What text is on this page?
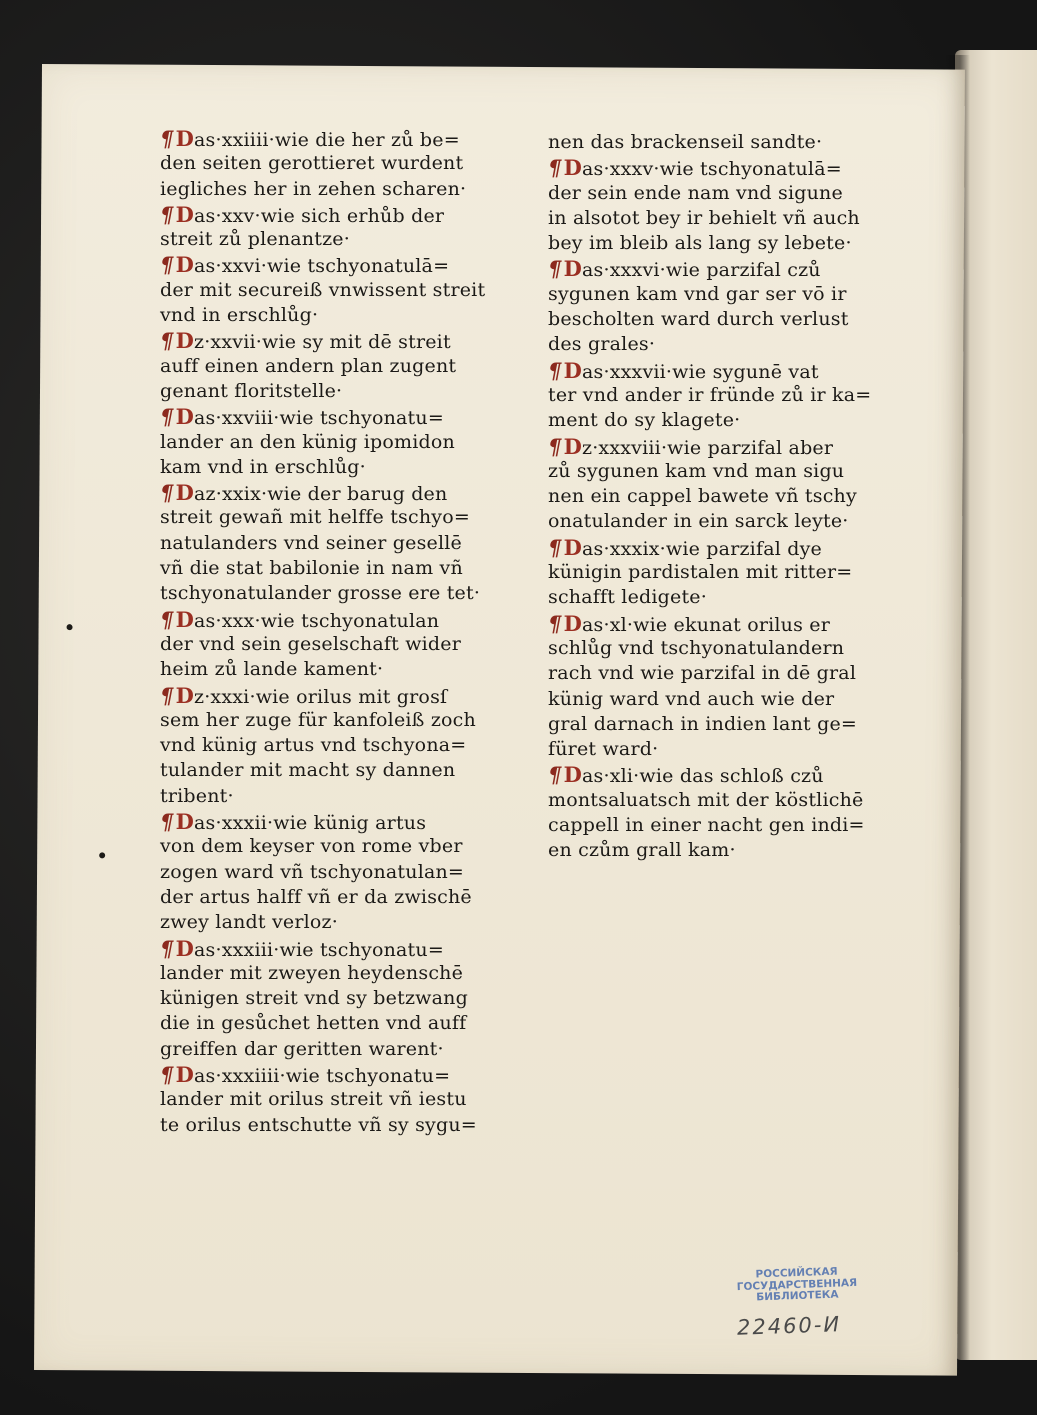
¶Das·xxiiii·wie die her zů be=
den seiten gerottieret wurdent
iegliches her in zehen scharen·
¶Das·xxv·wie sich erhůb der
streit zů plenantze·
¶Das·xxvi·wie tschyonatulā=
der mit secureiß vnwissent streit
vnd in erschlůg·
¶Dz·xxvii·wie sy mit dē streit
auff einen andern plan zugent
genant floritstelle·
¶Das·xxviii·wie tschyonatu=
lander an den künig ipomidon
kam vnd in erschlůg·
¶Daz·xxix·wie der barug den
streit gewañ mit helffe tschyo=
natulanders vnd seiner gesellē
vñ die stat babilonie in nam vñ
tschyonatulander grosse ere tet·
¶Das·xxx·wie tschyonatulan
der vnd sein geselschaft wider
heim zů lande kament·
¶Dz·xxxi·wie orilus mit grosſ
sem her zuge für kanfoleiß zoch
vnd künig artus vnd tschyona=
tulander mit macht sy dannen
tribent·
¶Das·xxxii·wie künig artus
von dem keyser von rome vber
zogen ward vñ tschyonatulan=
der artus halff vñ er da zwischē
zwey landt verloz·
¶Das·xxxiii·wie tschyonatu=
lander mit zweyen heydenschē
künigen streit vnd sy betzwang
die in gesůchet hetten vnd auff
greiffen dar geritten warent·
¶Das·xxxiiii·wie tschyonatu=
lander mit orilus streit vñ iestu
te orilus entschutte vñ sy sygu=
nen das brackenseil sandte·
¶Das·xxxv·wie tschyonatulā=
der sein ende nam vnd sigune
in alsotot bey ir behielt vñ auch
bey im bleib als lang sy lebete·
¶Das·xxxvi·wie parzifal czů
sygunen kam vnd gar ser vō ir
bescholten ward durch verlust
des grales·
¶Das·xxxvii·wie sygunē vat
ter vnd ander ir fründe zů ir ka=
ment do sy klagete·
¶Dz·xxxviii·wie parzifal aber
zů sygunen kam vnd man sigu
nen ein cappel bawete vñ tschy
onatulander in ein sarck leyte·
¶Das·xxxix·wie parzifal dye
künigin pardistalen mit ritter=
schafft ledigete·
¶Das·xl·wie ekunat orilus er
schlůg vnd tschyonatulandern
rach vnd wie parzifal in dē gral
künig ward vnd auch wie der
gral darnach in indien lant ge=
füret ward·
¶Das·xli·wie das schloß czů
montsaluatsch mit der köstlichē
cappell in einer nacht gen indi=
en czům grall kam·
РОССИЙСКАЯ
ГОСУДАРСТВЕННАЯ
БИБЛИОТЕКА
22460-И
